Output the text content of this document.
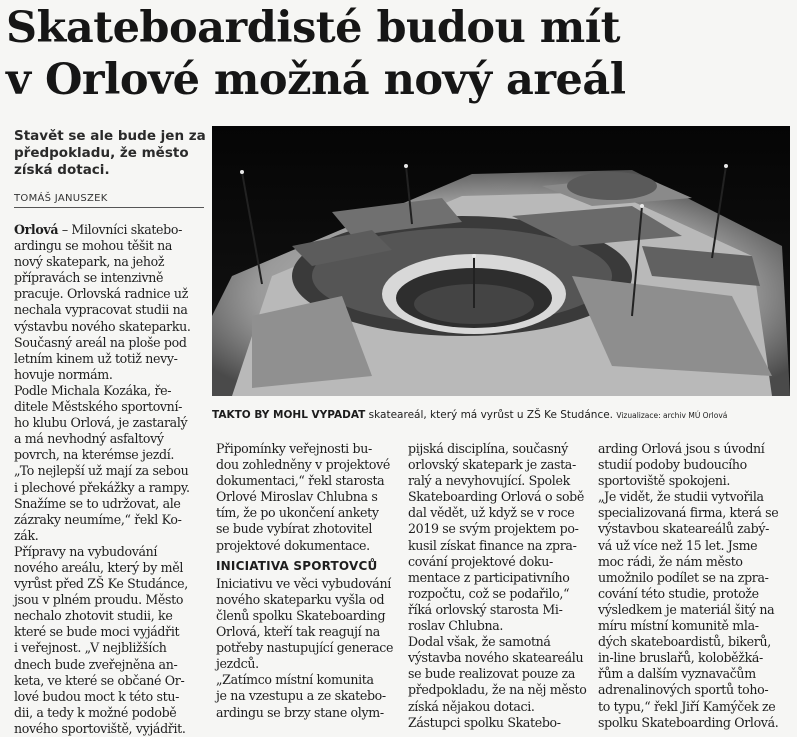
Skateboardisté budou mít
v Orlové možná nový areál

Stavět se ale bude jen za
předpokladu, že město
získá dotaci.

TOMÁŠ JANUSZEK
TAKTO BY MOHL VYPADAT skateareál, který má vyrůst u ZŠ Ke Studánce. Vizualizace: archiv MÚ Orlová
Orlová – Milovníci skatebo-
ardingu se mohou těšit na
nový skatepark, na jehož
přípravách se intenzivně
pracuje. Orlovská radnice už
nechala vypracovat studii na
výstavbu nového skateparku.
Současný areál na ploše pod
letním kinem už totiž nevy-
hovuje normám.
Podle Michala Kozáka, ře-
ditele Městského sportovní-
ho klubu Orlová, je zastaralý
a má nevhodný asfaltový
povrch, na kterémse jezdí.
„To nejlepší už mají za sebou
i plechové překážky a rampy.
Snažíme se to udržovat, ale
zázraky neumíme,“ řekl Ko-
zák.
Přípravy na vybudování
nového areálu, který by měl
vyrůst před ZŠ Ke Studánce,
jsou v plném proudu. Město
nechalo zhotovit studii, ke
které se bude moci vyjádřit
i veřejnost. „V nejbližších
dnech bude zveřejněna an-
keta, ve které se občané Or-
lové budou moct k této stu-
dii, a tedy k možné podobě
nového sportoviště, vyjádřit.
Připomínky veřejnosti bu-
dou zohledněny v projektové
dokumentaci,“ řekl starosta
Orlové Miroslav Chlubna s
tím, že po ukončení ankety
se bude vybírat zhotovitel
projektové dokumentace.
INICIATIVA SPORTOVCŮ
Iniciativu ve věci vybudování
nového skateparku vyšla od
členů spolku Skateboarding
Orlová, kteří tak reagují na
potřeby nastupující generace
jezdců.
„Zatímco místní komunita
je na vzestupu a ze skatebo-
ardingu se brzy stane olym-
pijská disciplína, současný
orlovský skatepark je zasta-
ralý a nevyhovující. Spolek
Skateboarding Orlová o sobě
dal vědět, už když se v roce
2019 se svým projektem po-
kusil získat finance na zpra-
cování projektové doku-
mentace z participativního
rozpočtu, což se podařilo,“
říká orlovský starosta Mi-
roslav Chlubna.
Dodal však, že samotná
výstavba nového skateareálu
se bude realizovat pouze za
předpokladu, že na něj město
získá nějakou dotaci.
Zástupci spolku Skatebo-
arding Orlová jsou s úvodní
studií podoby budoucího
sportoviště spokojeni.
„Je vidět, že studii vytvořila
specializovaná firma, která se
výstavbou skateareálů zabý-
vá už více než 15 let. Jsme
moc rádi, že nám město
umožnilo podílet se na zpra-
cování této studie, protože
výsledkem je materiál šitý na
míru místní komunitě mla-
dých skateboardistů, bikerů,
in-line bruslařů, koloběžká-
řům a dalším vyznavačům
adrenalinových sportů toho-
to typu,“ řekl Jiří Kamýček ze
spolku Skateboarding Orlová.
